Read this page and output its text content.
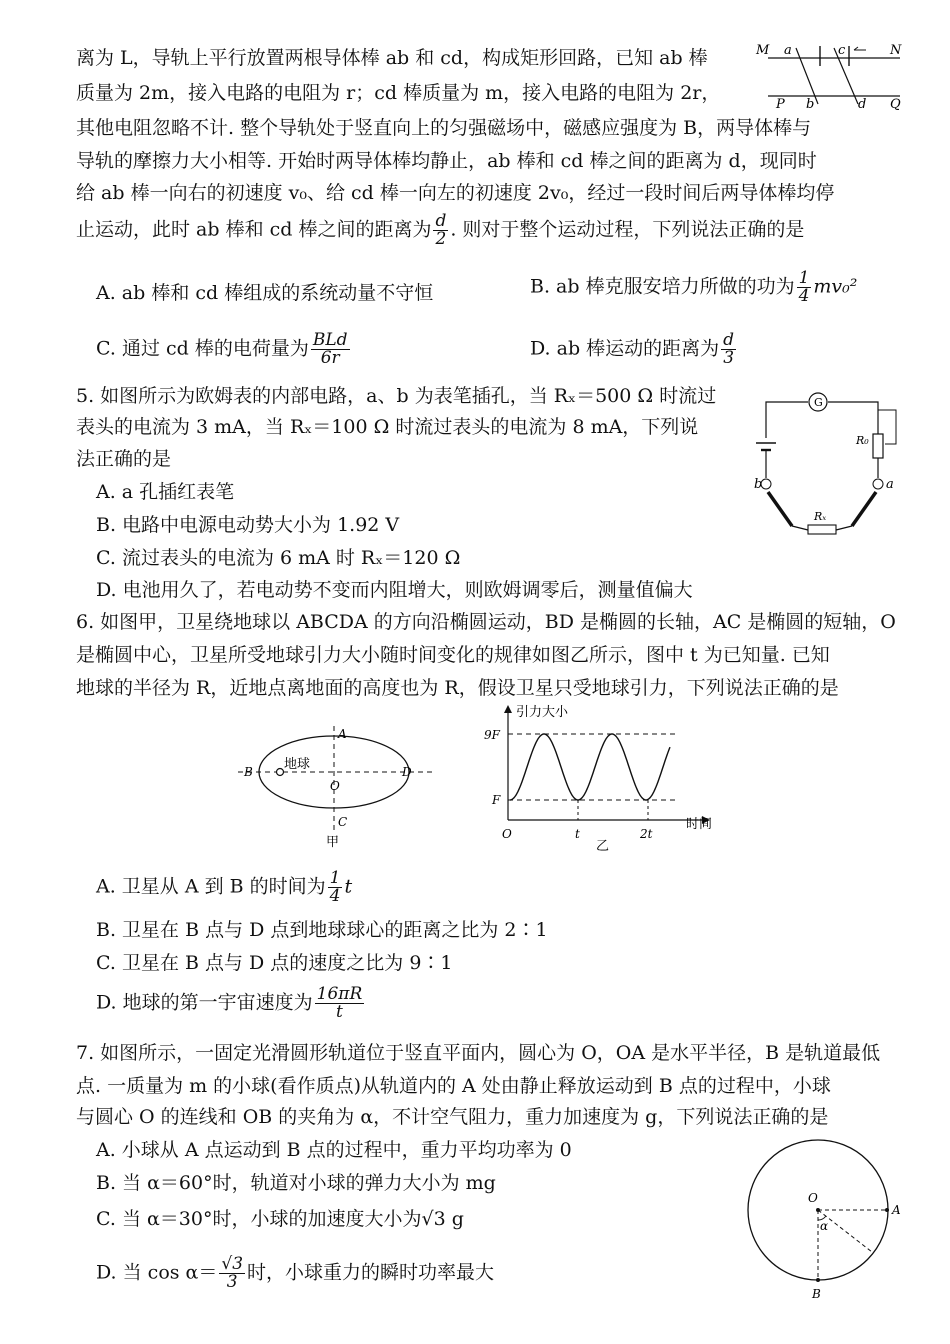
离为 L，导轨上平行放置两根导体棒 ab 和 cd，构成矩形回路，已知 ab 棒
质量为 2m，接入电路的电阻为 r；cd 棒质量为 m，接入电路的电阻为 2r，
其他电阻忽略不计. 整个导轨处于竖直向上的匀强磁场中，磁感应强度为 B，两导体棒与
导轨的摩擦力大小相等. 开始时两导体棒均静止，ab 棒和 cd 棒之间的距离为 d，现同时
给 ab 棒一向右的初速度 v₀、给 cd 棒一向左的初速度 2v₀，经过一段时间后两导体棒均停
止运动，此时 ab 棒和 cd 棒之间的距离为 $\frac{d}{2}$ . 则对于整个运动过程，下列说法正确的是
A. ab 棒和 cd 棒组成的系统动量不守恒	B. ab 棒克服安培力所做的功为 $\frac{1}{4} mv_0^2$
C. 通过 cd 棒的电荷量为 $\frac{\text{BLd}}{6r}$	D. ab 棒运动的距离为 $\frac{d}{3}$
M a	c	N
P b	d Q
5. 如图所示为欧姆表的内部电路，a、b 为表笔插孔，当 Rₓ＝500 Ω 时流过
表头的电流为 3 mA，当 Rₓ＝100 Ω 时流过表头的电流为 8 mA，下列说
法正确的是
A. a 孔插红表笔
B. 电路中电源电动势大小为 1.92 V
C. 流过表头的电流为 6 mA 时 Rₓ＝120 Ω
D. 电池用久了，若电动势不变而内阻增大，则欧姆调零后，测量值偏大
G
R₀
b	a
Rₓ
6. 如图甲，卫星绕地球以 ABCDA 的方向沿椭圆运动，BD 是椭圆的长轴，AC 是椭圆的短轴，O
是椭圆中心，卫星所受地球引力大小随时间变化的规律如图乙所示，图中 t 为已知量. 已知
地球的半径为 R，近地点离地面的高度也为 R，假设卫星只受地球引力，下列说法正确的是
地球
A
B	D
O
C
甲
引力大小
时间
9F
F
O	t	2t
乙
A. 卫星从 A 到 B 的时间为 $\frac{1}{4}$ t
B. 卫星在 B 点与 D 点到地球球心的距离之比为 2∶1
C. 卫星在 B 点与 D 点的速度之比为 9∶1
D. 地球的第一宇宙速度为 $\frac{16\pi R}{t}$
7. 如图所示，一固定光滑圆形轨道位于竖直平面内，圆心为 O，OA 是水平半径，B 是轨道最低
点. 一质量为 m 的小球(看作质点)从轨道内的 A 处由静止释放运动到 B 点的过程中，小球
与圆心 O 的连线和 OB 的夹角为 α，不计空气阻力，重力加速度为 g，下列说法正确的是
A. 小球从 A 点运动到 B 点的过程中，重力平均功率为 0
B. 当 α＝60°时，轨道对小球的弹力大小为 mg
C. 当 α＝30°时，小球的加速度大小为√3 g
D. 当 $\cos \alpha= \frac{√3}{3}$ 时，小球重力的瞬时功率最大
O
A
B
α
